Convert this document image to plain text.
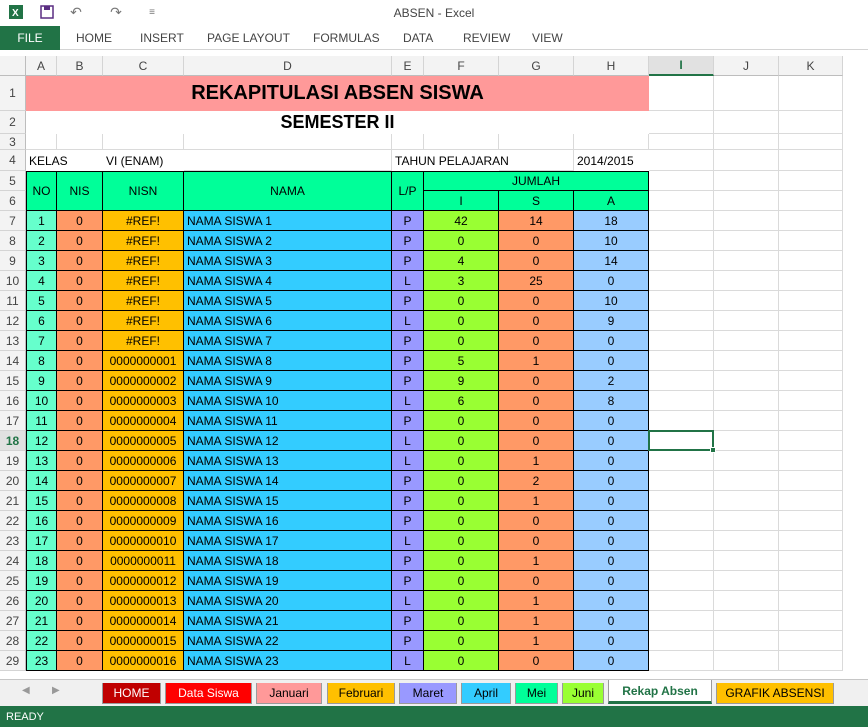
X	↶ ↷	≡	ABSEN - Excel
FILE	HOME INSERT PAGE LAYOUT FORMULAS DATA REVIEW VIEW
A	B	C	D	E	F	G	H	I	J	K
1
2
3
4
5
6
7
8
9
10
11
12
13
14
15
16
17
18
19
20
21
22
23
24
25
26
27
28
29
REKAPITULASI ABSEN SISWA
SEMESTER II
KELAS	VI (ENAM)	TAHUN PELAJARAN	2014/2015
NO	NIS	NISN	NAMA	L/P
JUMLAH
I	S	A
1	0	#REF!	NAMA SISWA 1	P	42	14	18
2	0	#REF!	NAMA SISWA 2	P	0	0	10
3	0	#REF!	NAMA SISWA 3	P	4	0	14
4	0	#REF!	NAMA SISWA 4	L	3	25	0
5	0	#REF!	NAMA SISWA 5	P	0	0	10
6	0	#REF!	NAMA SISWA 6	L	0	0	9
7	0	#REF!	NAMA SISWA 7	P	0	0	0
8	0	0000000001 NAMA SISWA 8	P	5	1	0
9	0	0000000002 NAMA SISWA 9	P	9	0	2
10	0	0000000003 NAMA SISWA 10	L	6	0	8
11	0	0000000004 NAMA SISWA 11	P	0	0	0
12	0	0000000005 NAMA SISWA 12	L	0	0	0
13	0	0000000006 NAMA SISWA 13	L	0	1	0
14	0	0000000007 NAMA SISWA 14	P	0	2	0
15	0	0000000008 NAMA SISWA 15	P	0	1	0
16	0	0000000009 NAMA SISWA 16	P	0	0	0
17	0	0000000010 NAMA SISWA 17	L	0	0	0
18	0	0000000011 NAMA SISWA 18	P	0	1	0
19	0	0000000012 NAMA SISWA 19	P	0	0	0
20	0	0000000013 NAMA SISWA 20	L	0	1	0
21	0	0000000014 NAMA SISWA 21	P	0	1	0
22	0	0000000015 NAMA SISWA 22	P	0	1	0
23	0	0000000016 NAMA SISWA 23	L	0	0	0
◀ ▶	HOME	Data Siswa	Januari	Februari	Maret	April	Mei	Juni	Rekap Absen	GRAFIK ABSENSI
READY
